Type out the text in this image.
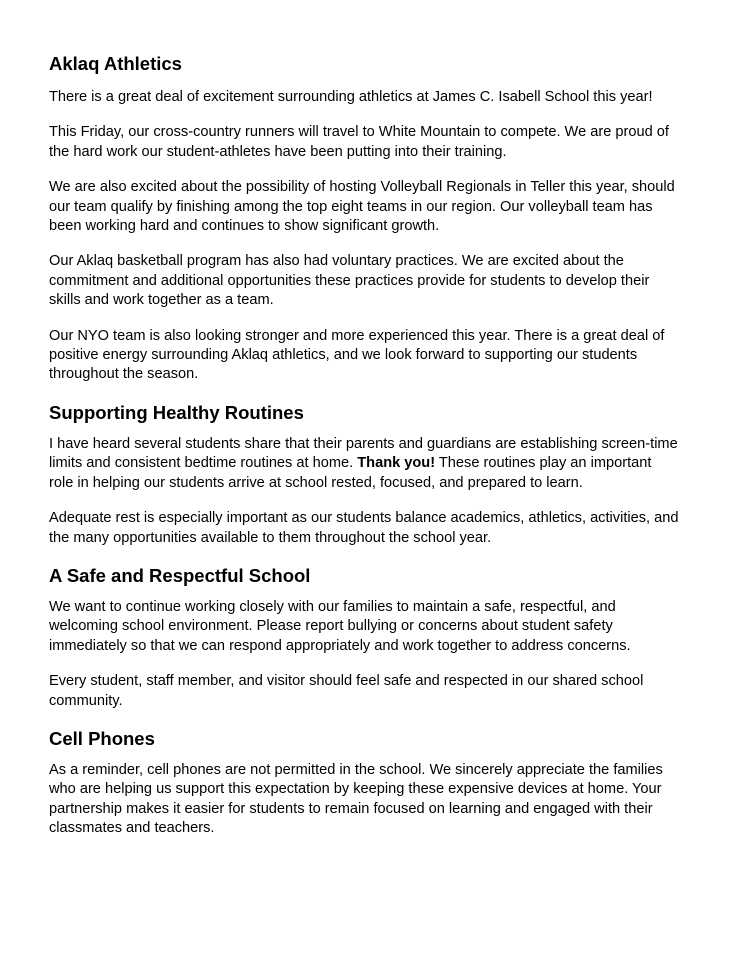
Aklaq Athletics

There is a great deal of excitement surrounding athletics at James C. Isabell School this year!

This Friday, our cross-country runners will travel to White Mountain to compete. We are proud of the hard work our student-athletes have been putting into their training.

We are also excited about the possibility of hosting Volleyball Regionals in Teller this year, should our team qualify by finishing among the top eight teams in our region. Our volleyball team has been working hard and continues to show significant growth.

Our Aklaq basketball program has also had voluntary practices. We are excited about the commitment and additional opportunities these practices provide for students to develop their skills and work together as a team.

Our NYO team is also looking stronger and more experienced this year. There is a great deal of positive energy surrounding Aklaq athletics, and we look forward to supporting our students throughout the season.

Supporting Healthy Routines

I have heard several students share that their parents and guardians are establishing screen-time limits and consistent bedtime routines at home. Thank you! These routines play an important role in helping our students arrive at school rested, focused, and prepared to learn.

Adequate rest is especially important as our students balance academics, athletics, activities, and the many opportunities available to them throughout the school year.

A Safe and Respectful School

We want to continue working closely with our families to maintain a safe, respectful, and welcoming school environment. Please report bullying or concerns about student safety immediately so that we can respond appropriately and work together to address concerns.

Every student, staff member, and visitor should feel safe and respected in our shared school community.

Cell Phones

As a reminder, cell phones are not permitted in the school. We sincerely appreciate the families who are helping us support this expectation by keeping these expensive devices at home. Your partnership makes it easier for students to remain focused on learning and engaged with their classmates and teachers.
